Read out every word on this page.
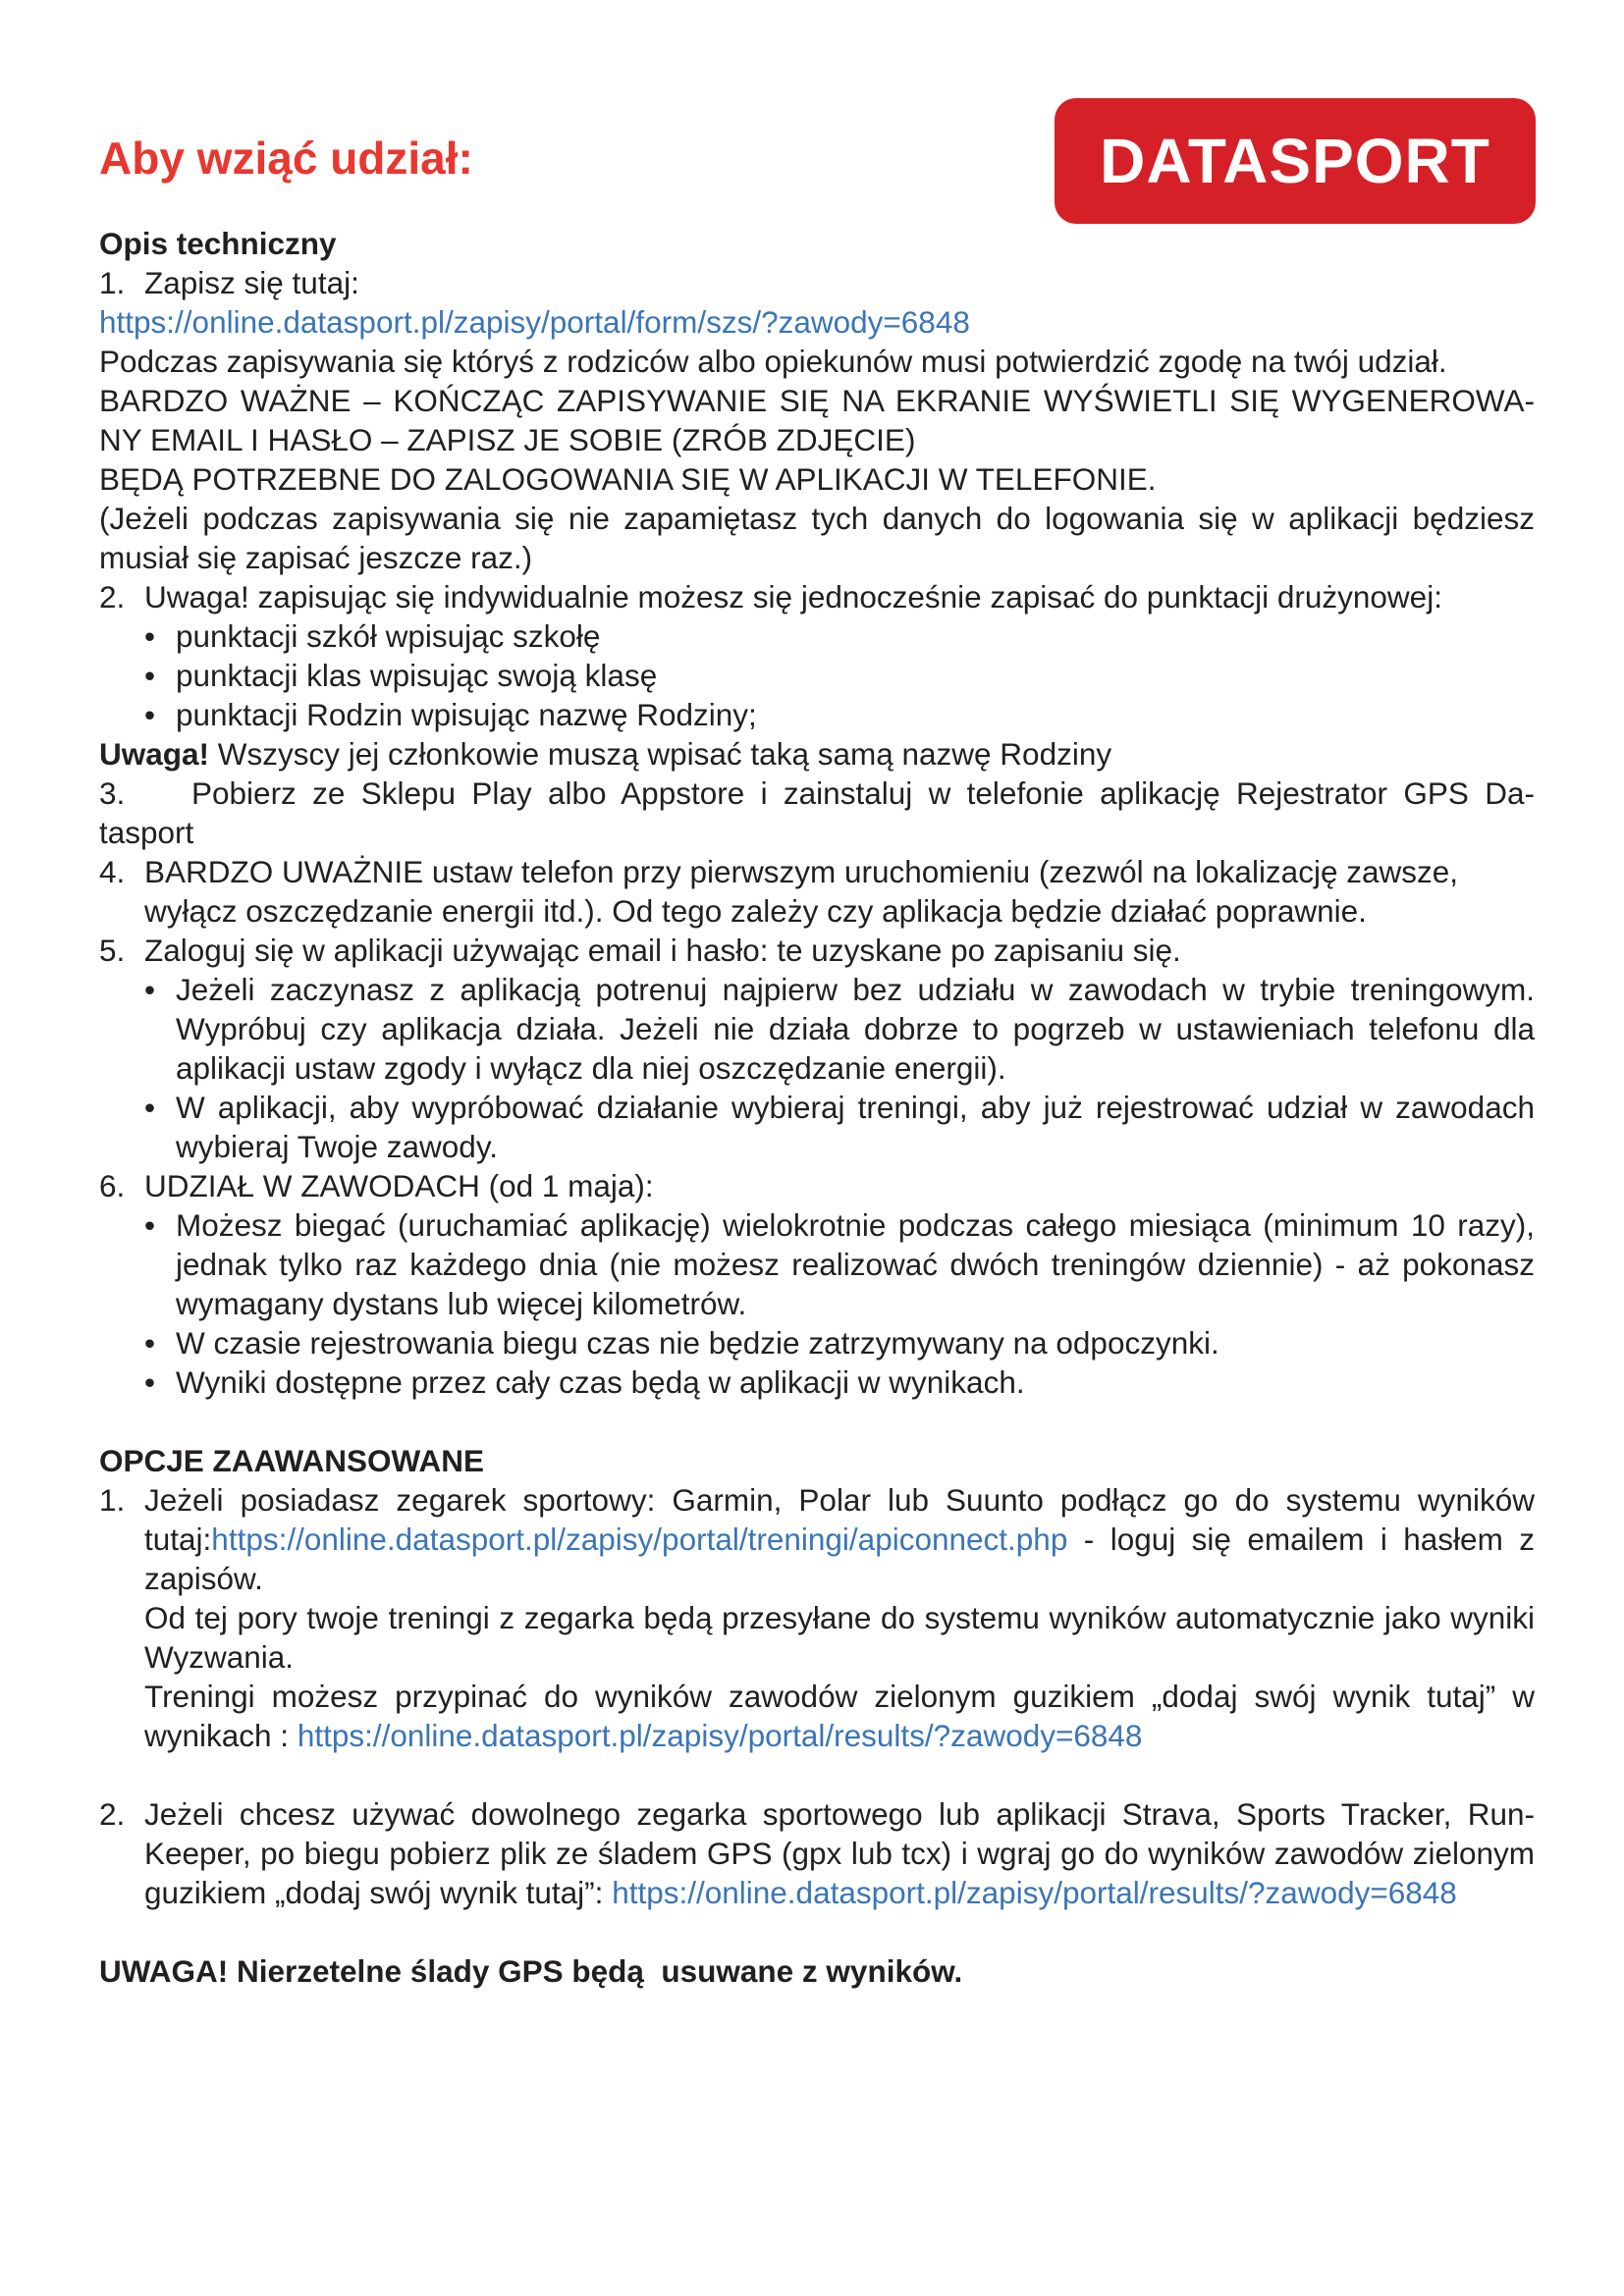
Aby wziąć udział:	DATASPORT

Opis techniczny

1. Zapisz się tutaj:

https://online.datasport.pl/zapisy/portal/form/szs/?zawody=6848

Podczas zapisywania się któryś z rodziców albo opiekunów musi potwierdzić zgodę na twój udział.

BARDZO WAŻNE – KOŃCZĄC ZAPISYWANIE SIĘ NA EKRANIE WYŚWIETLI SIĘ WYGENEROWA-NY EMAIL I HASŁO – ZAPISZ JE SOBIE (ZRÓB ZDJĘCIE)

BĘDĄ POTRZEBNE DO ZALOGOWANIA SIĘ W APLIKACJI W TELEFONIE.

(Jeżeli podczas zapisywania się nie zapamiętasz tych danych do logowania się w aplikacji będziesz musiał się zapisać jeszcze raz.)

2. Uwaga! zapisując się indywidualnie możesz się jednocześnie zapisać do punktacji drużynowej:
• punktacji szkół wpisując szkołę
• punktacji klas wpisując swoją klasę
• punktacji Rodzin wpisując nazwę Rodziny;

Uwaga! Wszyscy jej członkowie muszą wpisać taką samą nazwę Rodziny

3.	Pobierz ze Sklepu Play albo Appstore i zainstaluj w telefonie aplikację Rejestrator GPS Da-

tasport

4. BARDZO UWAŻNIE ustaw telefon przy pierwszym uruchomieniu (zezwól na lokalizację zawsze, wyłącz oszczędzanie energii itd.). Od tego zależy czy aplikacja będzie działać poprawnie.
5. Zaloguj się w aplikacji używając email i hasło: te uzyskane po zapisaniu się.
• Jeżeli zaczynasz z aplikacją potrenuj najpierw bez udziału w zawodach w trybie treningowym. Wypróbuj czy aplikacja działa. Jeżeli nie działa dobrze to pogrzeb w ustawieniach telefonu dla aplikacji ustaw zgody i wyłącz dla niej oszczędzanie energii).
• W aplikacji, aby wypróbować działanie wybieraj treningi, aby już rejestrować udział w zawodach wybieraj Twoje zawody.
6. UDZIAŁ W ZAWODACH (od 1 maja):
• Możesz biegać (uruchamiać aplikację) wielokrotnie podczas całego miesiąca (minimum 10 razy), jednak tylko raz każdego dnia (nie możesz realizować dwóch treningów dziennie) - aż pokonasz wymagany dystans lub więcej kilometrów.
• W czasie rejestrowania biegu czas nie będzie zatrzymywany na odpoczynki.
• Wyniki dostępne przez cały czas będą w aplikacji w wynikach.

OPCJE ZAAWANSOWANE

1. Jeżeli posiadasz zegarek sportowy: Garmin, Polar lub Suunto podłącz go do systemu wyników tutaj:https://online.datasport.pl/zapisy/portal/treningi/apiconnect.php - loguj się emailem i hasłem z zapisów.

Od tej pory twoje treningi z zegarka będą przesyłane do systemu wyników automatycznie jako wyniki Wyzwania.

Treningi możesz przypinać do wyników zawodów zielonym guzikiem „dodaj swój wynik tutaj” w wynikach : https://online.datasport.pl/zapisy/portal/results/?zawody=6848

2. Jeżeli chcesz używać dowolnego zegarka sportowego lub aplikacji Strava, Sports Tracker, Run-Keeper, po biegu pobierz plik ze śladem GPS (gpx lub tcx) i wgraj go do wyników zawodów zielonym guzikiem „dodaj swój wynik tutaj”: https://online.datasport.pl/zapisy/portal/results/?zawody=6848

UWAGA! Nierzetelne ślady GPS będą  usuwane z wyników.
